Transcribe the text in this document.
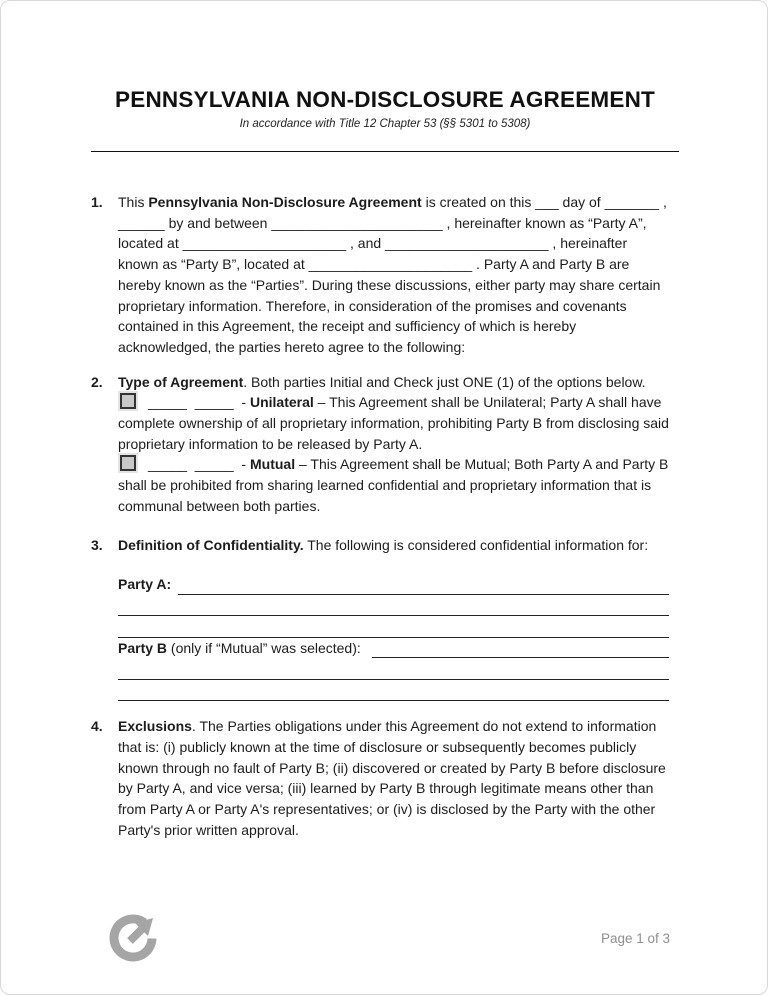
PENNSYLVANIA NON-DISCLOSURE AGREEMENT
In accordance with Title 12 Chapter 53 (§§ 5301 to 5308)
1.	This Pennsylvania Non-Disclosure Agreement is created on this ___ day of _______ , ______ by and between ______________________ , hereinafter known as “Party A”, located at _____________________ , and _____________________ , hereinafter known as “Party B”, located at _____________________ . Party A and Party B are hereby known as the “Parties”. During these discussions, either party may share certain proprietary information. Therefore, in consideration of the promises and covenants contained in this Agreement, the receipt and sufficiency of which is hereby acknowledged, the parties hereto agree to the following:

2.	Type of Agreement. Both parties Initial and Check just ONE (1) of the options below.

_____  _____  - Unilateral – This Agreement shall be Unilateral; Party A shall have complete ownership of all proprietary information, prohibiting Party B from disclosing said proprietary information to be released by Party A.

_____  _____  - Mutual – This Agreement shall be Mutual; Both Party A and Party B shall be prohibited from sharing learned confidential and proprietary information that is communal between both parties.

3.	Definition of Confidentiality. The following is considered confidential information for:

Party A:
Party B (only if “Mutual” was selected):
4.	Exclusions. The Parties obligations under this Agreement do not extend to information that is: (i) publicly known at the time of disclosure or subsequently becomes publicly known through no fault of Party B; (ii) discovered or created by Party B before disclosure by Party A, and vice versa; (iii) learned by Party B through legitimate means other than from Party A or Party A's representatives; or (iv) is disclosed by the Party with the other Party's prior written approval.

Page 1 of 3
